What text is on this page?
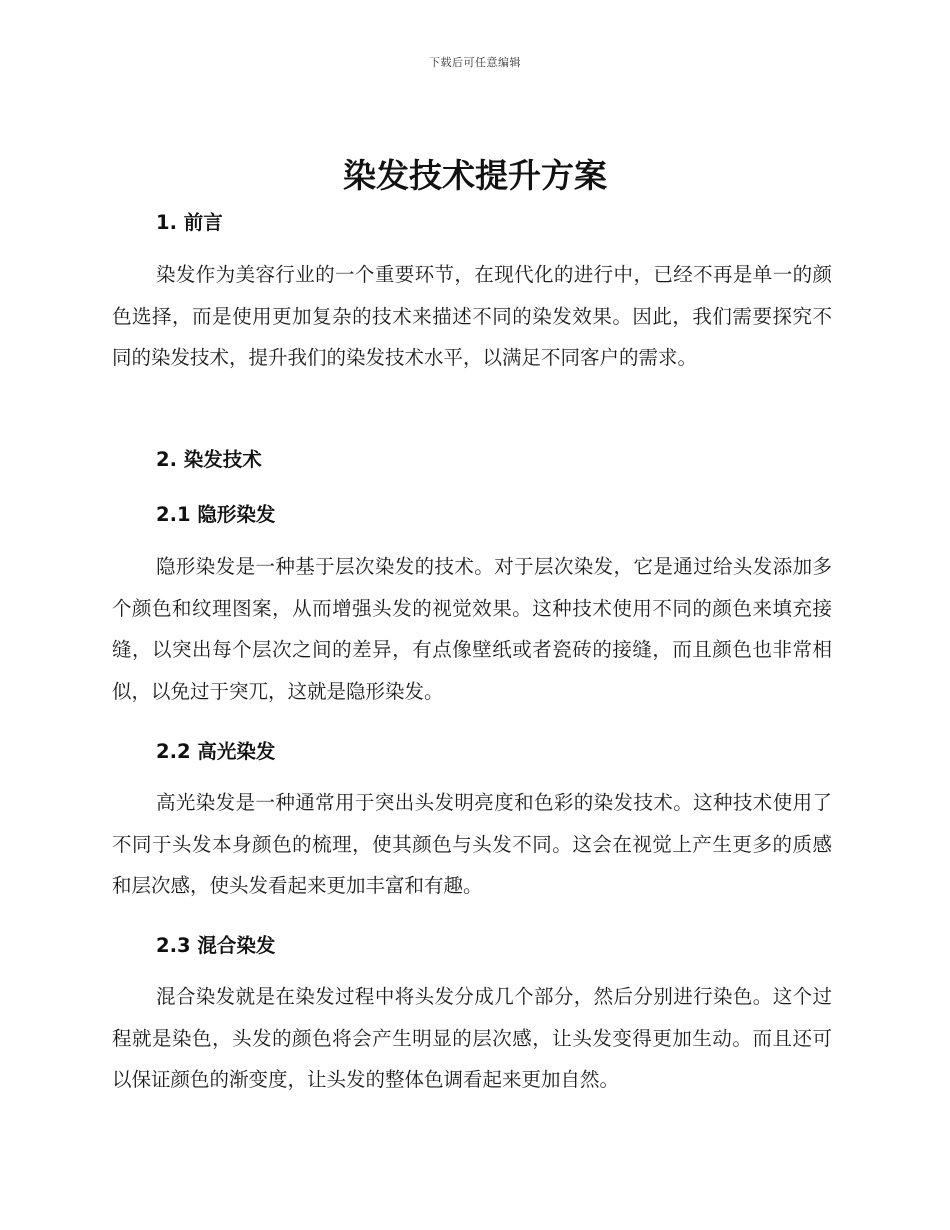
下载后可任意编辑
染发技术提升方案
1. 前言

染发作为美容行业的一个重要环节，在现代化的进行中，已经不再是单一的颜色选择，而是使用更加复杂的技术来描述不同的染发效果。因此，我们需要探究不同的染发技术，提升我们的染发技术水平，以满足不同客户的需求。

2. 染发技术
2.1 隐形染发

隐形染发是一种基于层次染发的技术。对于层次染发，它是通过给头发添加多个颜色和纹理图案，从而增强头发的视觉效果。这种技术使用不同的颜色来填充接缝，以突出每个层次之间的差异，有点像壁纸或者瓷砖的接缝，而且颜色也非常相似，以免过于突兀，这就是隐形染发。

2.2 高光染发

高光染发是一种通常用于突出头发明亮度和色彩的染发技术。这种技术使用了不同于头发本身颜色的梳理，使其颜色与头发不同。这会在视觉上产生更多的质感和层次感，使头发看起来更加丰富和有趣。

2.3 混合染发

混合染发就是在染发过程中将头发分成几个部分，然后分别进行染色。这个过程就是染色，头发的颜色将会产生明显的层次感，让头发变得更加生动。而且还可以保证颜色的渐变度，让头发的整体色调看起来更加自然。
